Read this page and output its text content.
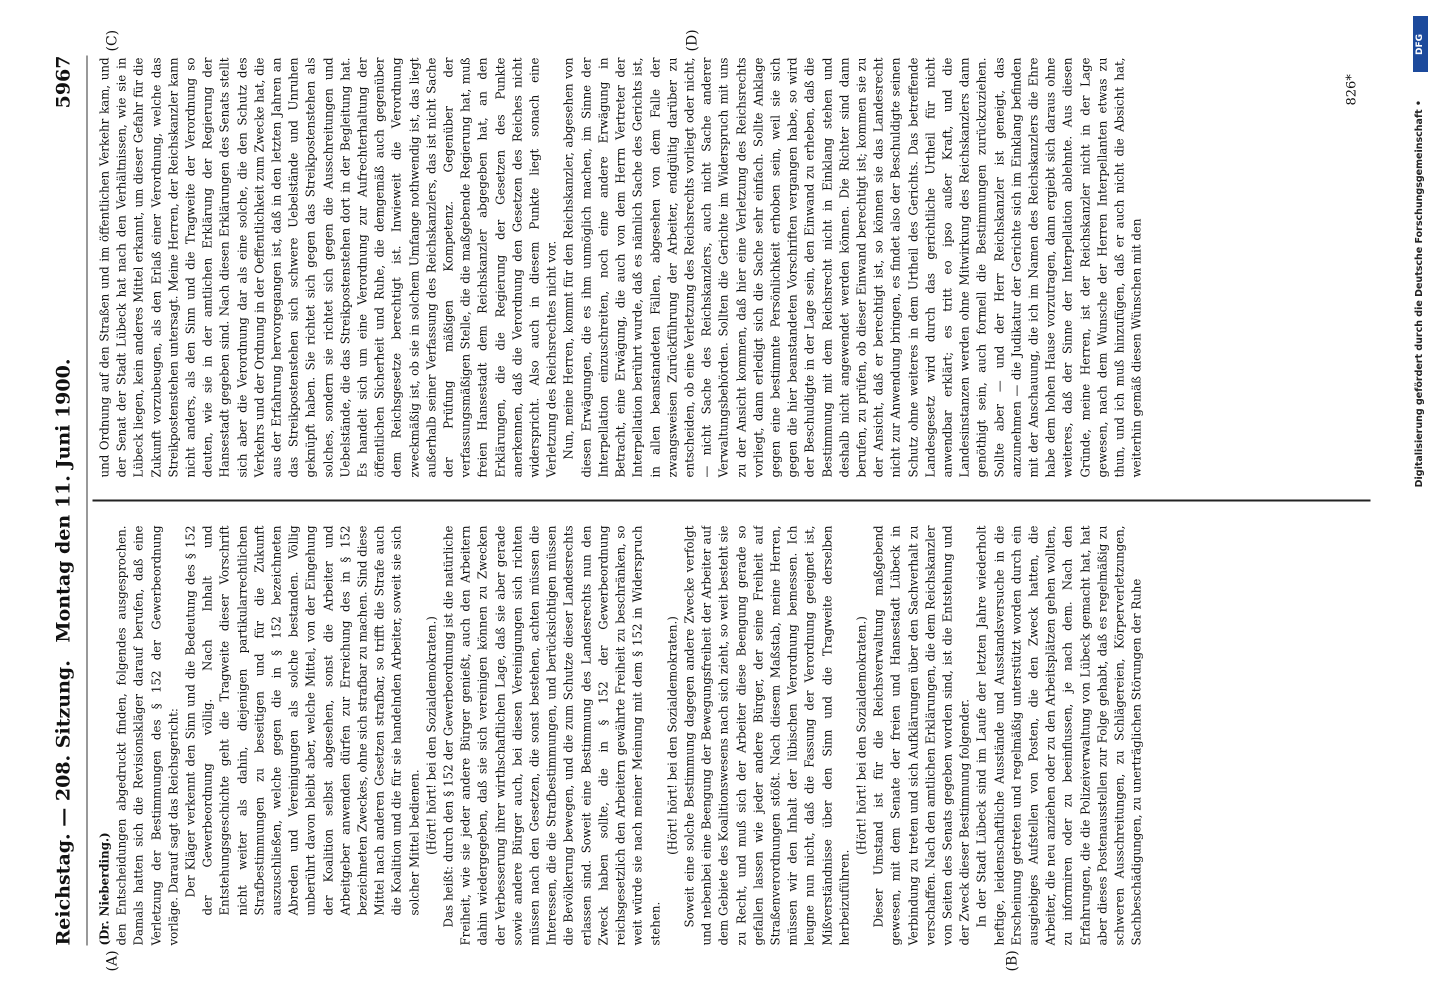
Reichstag. — 208. Sitzung.
Montag den 11. Juni 1900.
5967
(A)	(B)
(C)	(D)

(Dr. Nieberding.) den Entscheidungen abgedruckt finden, folgendes ausgesprochen. Damals hatten sich die Revisionskläger darauf berufen, daß eine Verletzung der Bestimmungen des § 152 der Gewerbeordnung vorläge. Darauf sagt das Reichsgericht: Der Kläger verkennt den Sinn und die Bedeutung des § 152 der Gewerbeordnung völlig. Nach Inhalt und Entstehungsgeschichte geht die Tragweite dieser Vorschrift nicht weiter als dahin, diejenigen partikularrechtlichen Strafbestimmungen zu beseitigen und für die Zukunft auszuschließen, welche gegen die in § 152 bezeichneten Abreden und Vereinigungen als solche bestanden. Völlig unberührt davon bleibt aber, welche Mittel, von der Eingehung der Koalition selbst abgesehen, sonst die Arbeiter und Arbeitgeber anwenden dürfen zur Erreichung des in § 152 bezeichneten Zweckes, ohne sich strafbar zu machen. Sind diese Mittel nach anderen Gesetzen strafbar, so trifft die Strafe auch die Koalition und die für sie handelnden Arbeiter, soweit sie sich solcher Mittel bedienen. (Hört! hört! bei den Sozialdemokraten.) Das heißt: durch den § 152 der Gewerbeordnung ist die natürliche Freiheit, wie sie jeder andere Bürger genießt, auch den Arbeitern dahin wiedergegeben, daß sie sich vereinigen können zu Zwecken der Verbesserung ihrer wirthschaftlichen Lage, daß sie aber gerade sowie andere Bürger auch, bei diesen Vereinigungen sich richten müssen nach den Gesetzen, die sonst bestehen, achten müssen die Interessen, die die Strafbestimmungen, und berücksichtigen müssen die Bevölkerung bewegen, und die zum Schutze dieser Landesrechts erlassen sind. Soweit eine Bestimmung des Landesrechts nun den Zweck haben sollte, die in § 152 der Gewerbeordnung reichsgesetzlich den Arbeitern gewährte Freiheit zu beschränken, so weit würde sie nach meiner Meinung mit dem § 152 in Widerspruch stehen.

(Hört! hört! bei den Sozialdemokraten.) Soweit eine solche Bestimmung dagegen andere Zwecke verfolgt und nebenbei eine Beengung der Bewegungsfreiheit der Arbeiter auf dem Gebiete des Koalitionswesens nach sich zieht, so weit besteht sie zu Recht, und muß sich der Arbeiter diese Beengung gerade so gefallen lassen wie jeder andere Bürger, der seine Freiheit auf Straßenverordnungen stößt. Nach diesem Maßstab, meine Herren, müssen wir den Inhalt der lübischen Verordnung bemessen. Ich leugne nun nicht, daß die Fassung der Verordnung geeignet ist, Mißverständnisse über den Sinn und die Tragweite derselben herbeizuführen.

(Hört! hört! bei den Sozialdemokraten.) Dieser Umstand ist für die Reichsverwaltung maßgebend gewesen, mit dem Senate der freien und Hansestadt Lübeck in Verbindung zu treten und sich Aufklärungen über den Sachverhalt zu verschaffen. Nach den amtlichen Erklärungen, die dem Reichskanzler von Seiten des Senats gegeben worden sind, ist die Entstehung und der Zweck dieser Bestimmung folgender. In der Stadt Lübeck sind im Laufe der letzten Jahre wiederholt heftige, leidenschaftliche Ausstände und Ausstandsversuche in die Erscheinung getreten und regelmäßig unterstützt worden durch ein ausgiebiges Aufstellen von Posten, die den Zweck hatten, die Arbeiter, die neu anziehen oder zu den Arbeitsplätzen gehen wollten, zu informiren oder zu beeinflussen, je nach dem. Nach den Erfahrungen, die die Polizeiverwaltung von Lübeck gemacht hat, hat aber dieses Postenausstellen zur Folge gehabt, daß es regelmäßig zu schweren Ausschreitungen, zu Schlägereien, Körperverletzungen, Sachbeschädigungen, zu unerträglichen Störungen der Ruhe

und Ordnung auf den Straßen und im öffentlichen Verkehr kam, und der Senat der Stadt Lübeck hat nach den Verhältnissen, wie sie in Lübeck liegen, kein anderes Mittel erkannt, um dieser Gefahr für die Zukunft vorzubeugen, als den Erlaß einer Verordnung, welche das Streikpostenstehen untersagt. Meine Herren, der Reichskanzler kann nicht anders, als den Sinn und die Tragweite der Verordnung so deuten, wie sie in der amtlichen Erklärung der Regierung der Hansestadt gegeben sind. Nach diesen Erklärungen des Senats stellt sich aber die Verordnung dar als eine solche, die den Schutz des Verkehrs und der Ordnung in der Oeffentlichkeit zum Zwecke hat, die aus der Erfahrung hervorgegangen ist, daß in den letzten Jahren an das Streikpostenstehen sich schwere Uebelstände und Unruhen geknüpft haben. Sie richtet sich gegen das Streikpostenstehen als solches, sondern sie richtet sich gegen die Ausschreitungen und Uebelstände, die das Streikpostenstehen dort in der Begleitung hat. Es handelt sich um eine Verordnung zur Aufrechterhaltung der öffentlichen Sicherheit und Ruhe, die demgemäß auch gegenüber dem Reichsgesetze berechtigt ist. Inwieweit die Verordnung zweckmäßig ist, ob sie in solchem Umfange nothwendig ist, das liegt außerhalb seiner Verfassung des Reichskanzlers, das ist nicht Sache der Prüfung mäßigen Kompetenz. Gegenüber der verfassungsmäßigen Stelle, die die maßgebende Regierung hat, muß freien Hansestadt dem Reichskanzler abgegeben hat, an den Erklärungen, die die Regierung der Gesetzen des Punkte anerkennen, daß die Verordnung den Gesetzen des Reiches nicht widerspricht. Also auch in diesem Punkte liegt sonach eine Verletzung des Reichsrechtes nicht vor. Nun, meine Herren, kommt für den Reichskanzler, abgesehen von diesen Erwägungen, die es ihm unmöglich machen, im Sinne der Interpellation einzuschreiten, noch eine andere Erwägung in Betracht, eine Erwägung, die auch von dem Herrn Vertreter der Interpellation berührt wurde, daß es nämlich Sache des Gerichts ist, in allen beanstandeten Fällen, abgesehen von dem Falle der zwangsweisen Zurückführung der Arbeiter, endgültig darüber zu entscheiden, ob eine Verletzung des Reichsrechts vorliegt oder nicht, — nicht Sache des Reichskanzlers, auch nicht Sache anderer Verwaltungsbehörden. Sollten die Gerichte im Widerspruch mit uns zu der Ansicht kommen, daß hier eine Verletzung des Reichsrechts vorliegt, dann erledigt sich die Sache sehr einfach. Sollte Anklage gegen eine bestimmte Persönlichkeit erhoben sein, weil sie sich gegen die hier beanstandeten Vorschriften vergangen habe, so wird der Beschuldigte in der Lage sein, den Einwand zu erheben, daß die Bestimmung mit dem Reichsrecht nicht in Einklang stehen und deshalb nicht angewendet werden können. Die Richter sind dann berufen, zu prüfen, ob dieser Einwand berechtigt ist; kommen sie zu der Ansicht, daß er berechtigt ist, so können sie das Landesrecht nicht zur Anwendung bringen, es findet also der Beschuldigte seinen Schutz ohne weiteres in dem Urtheil des Gerichts. Das betreffende Landesgesetz wird durch das gerichtliche Urtheil für nicht anwendbar erklärt; es tritt eo ipso außer Kraft, und die Landesinstanzen werden ohne Mitwirkung des Reichskanzlers dann genöthigt sein, auch formell die Bestimmungen zurückzuziehen. Sollte aber — und der Herr Reichskanzler ist geneigt, das anzunehmen — die Judikatur der Gerichte sich im Einklang befinden mit der Anschauung, die ich im Namen des Reichskanzlers die Ehre habe dem hohen Hause vorzutragen, dann ergiebt sich daraus ohne weiteres, daß der Sinne der Interpellation ablehnte. Aus diesen Gründe, meine Herren, ist der Reichskanzler nicht in der Lage gewesen, nach dem Wunsche der Herren Interpellanten etwas zu thun, und ich muß hinzufügen, daß er auch nicht die Absicht hat, weiterhin gemäß diesen Wünschen mit den

826*
DFG
Digitalisierung gefördert durch die Deutsche Forschungsgemeinschaft •
